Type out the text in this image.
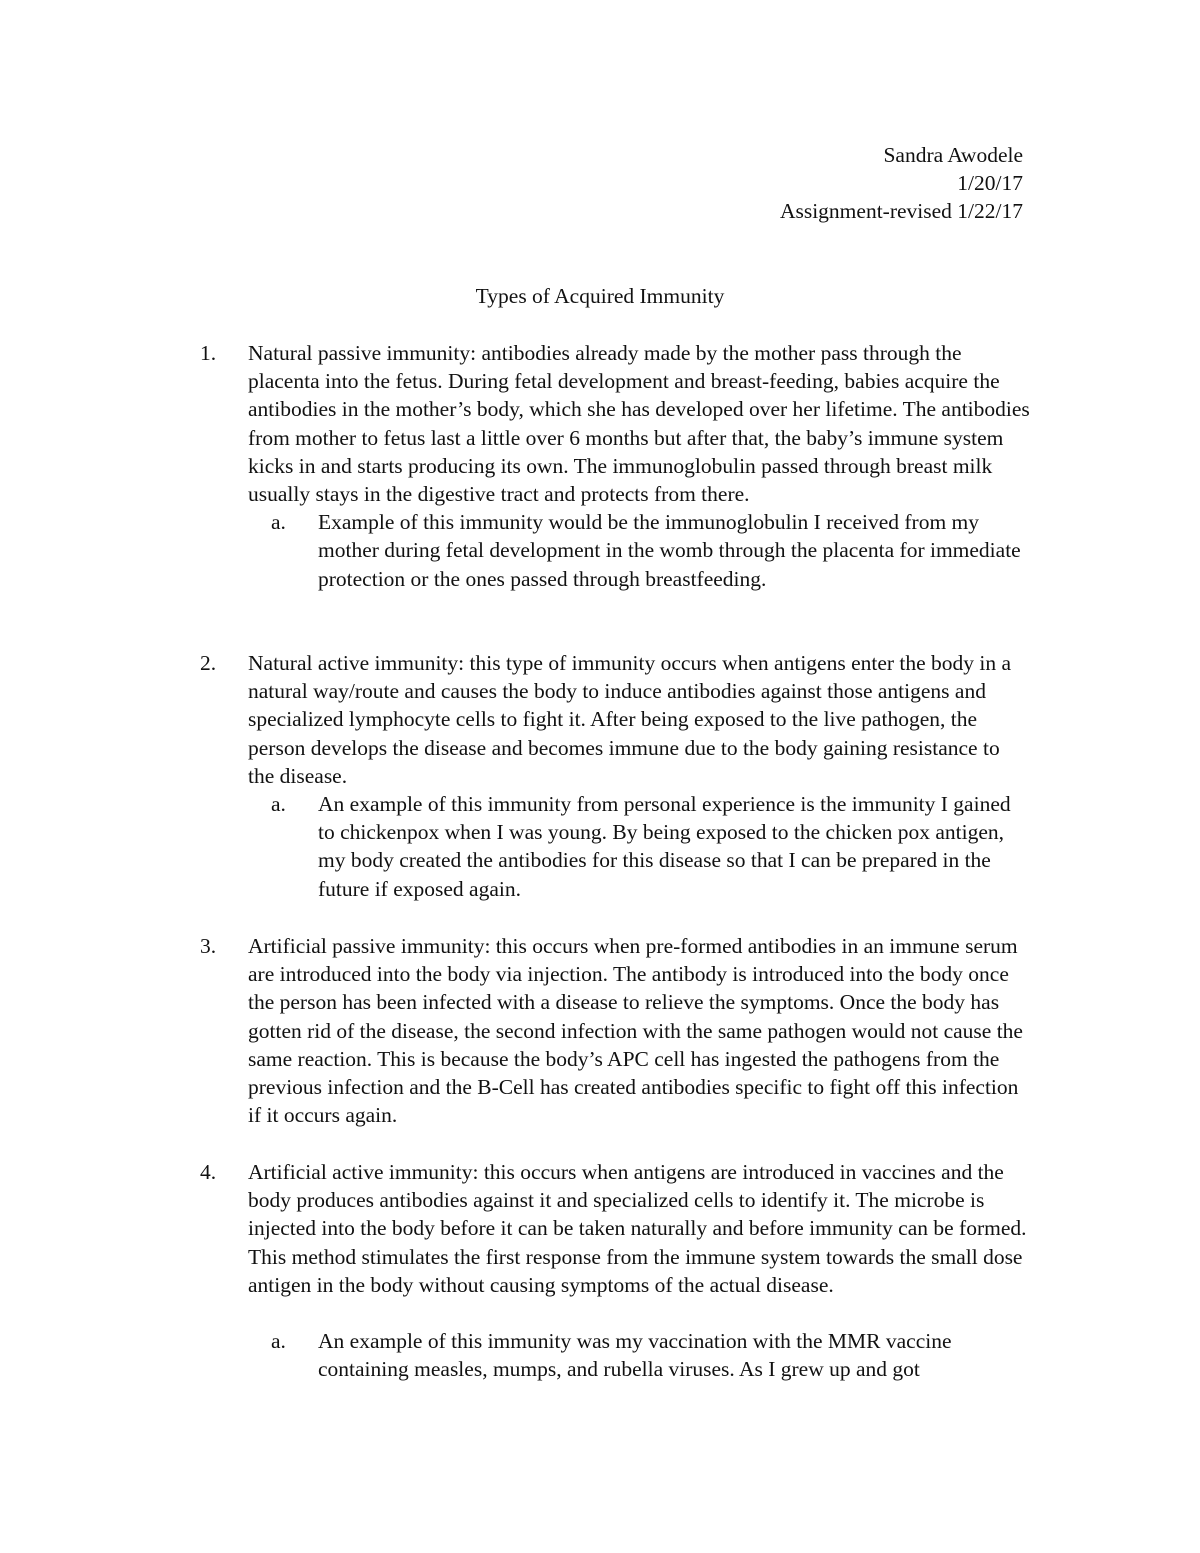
Sandra Awodele
1/20/17
Assignment-revised 1/22/17
Types of Acquired Immunity
1.	Natural passive immunity: antibodies already made by the mother pass through the placenta into the fetus. During fetal development and breast-feeding, babies acquire the antibodies in the mother’s body, which she has developed over her lifetime. The antibodies from mother to fetus last a little over 6 months but after that, the baby’s immune system kicks in and starts producing its own. The immunoglobulin passed through breast milk usually stays in the digestive tract and protects from there.
a. Example of this immunity would be the immunoglobulin I received from my mother during fetal development in the womb through the placenta for immediate protection or the ones passed through breastfeeding.
2.	Natural active immunity: this type of immunity occurs when antigens enter the body in a natural way/route and causes the body to induce antibodies against those antigens and specialized lymphocyte cells to fight it. After being exposed to the live pathogen, the person develops the disease and becomes immune due to the body gaining resistance to the disease.
a. An example of this immunity from personal experience is the immunity I gained to chickenpox when I was young. By being exposed to the chicken pox antigen, my body created the antibodies for this disease so that I can be prepared in the future if exposed again.
3.	Artificial passive immunity: this occurs when pre-formed antibodies in an immune serum are introduced into the body via injection. The antibody is introduced into the body once the person has been infected with a disease to relieve the symptoms. Once the body has gotten rid of the disease, the second infection with the same pathogen would not cause the same reaction. This is because the body’s APC cell has ingested the pathogens from the previous infection and the B-Cell has created antibodies specific to fight off this infection if it occurs again.
4.	Artificial active immunity: this occurs when antigens are introduced in vaccines and the body produces antibodies against it and specialized cells to identify it. The microbe is injected into the body before it can be taken naturally and before immunity can be formed. This method stimulates the first response from the immune system towards the small dose antigen in the body without causing symptoms of the actual disease.
a. An example of this immunity was my vaccination with the MMR vaccine containing measles, mumps, and rubella viruses. As I grew up and got
